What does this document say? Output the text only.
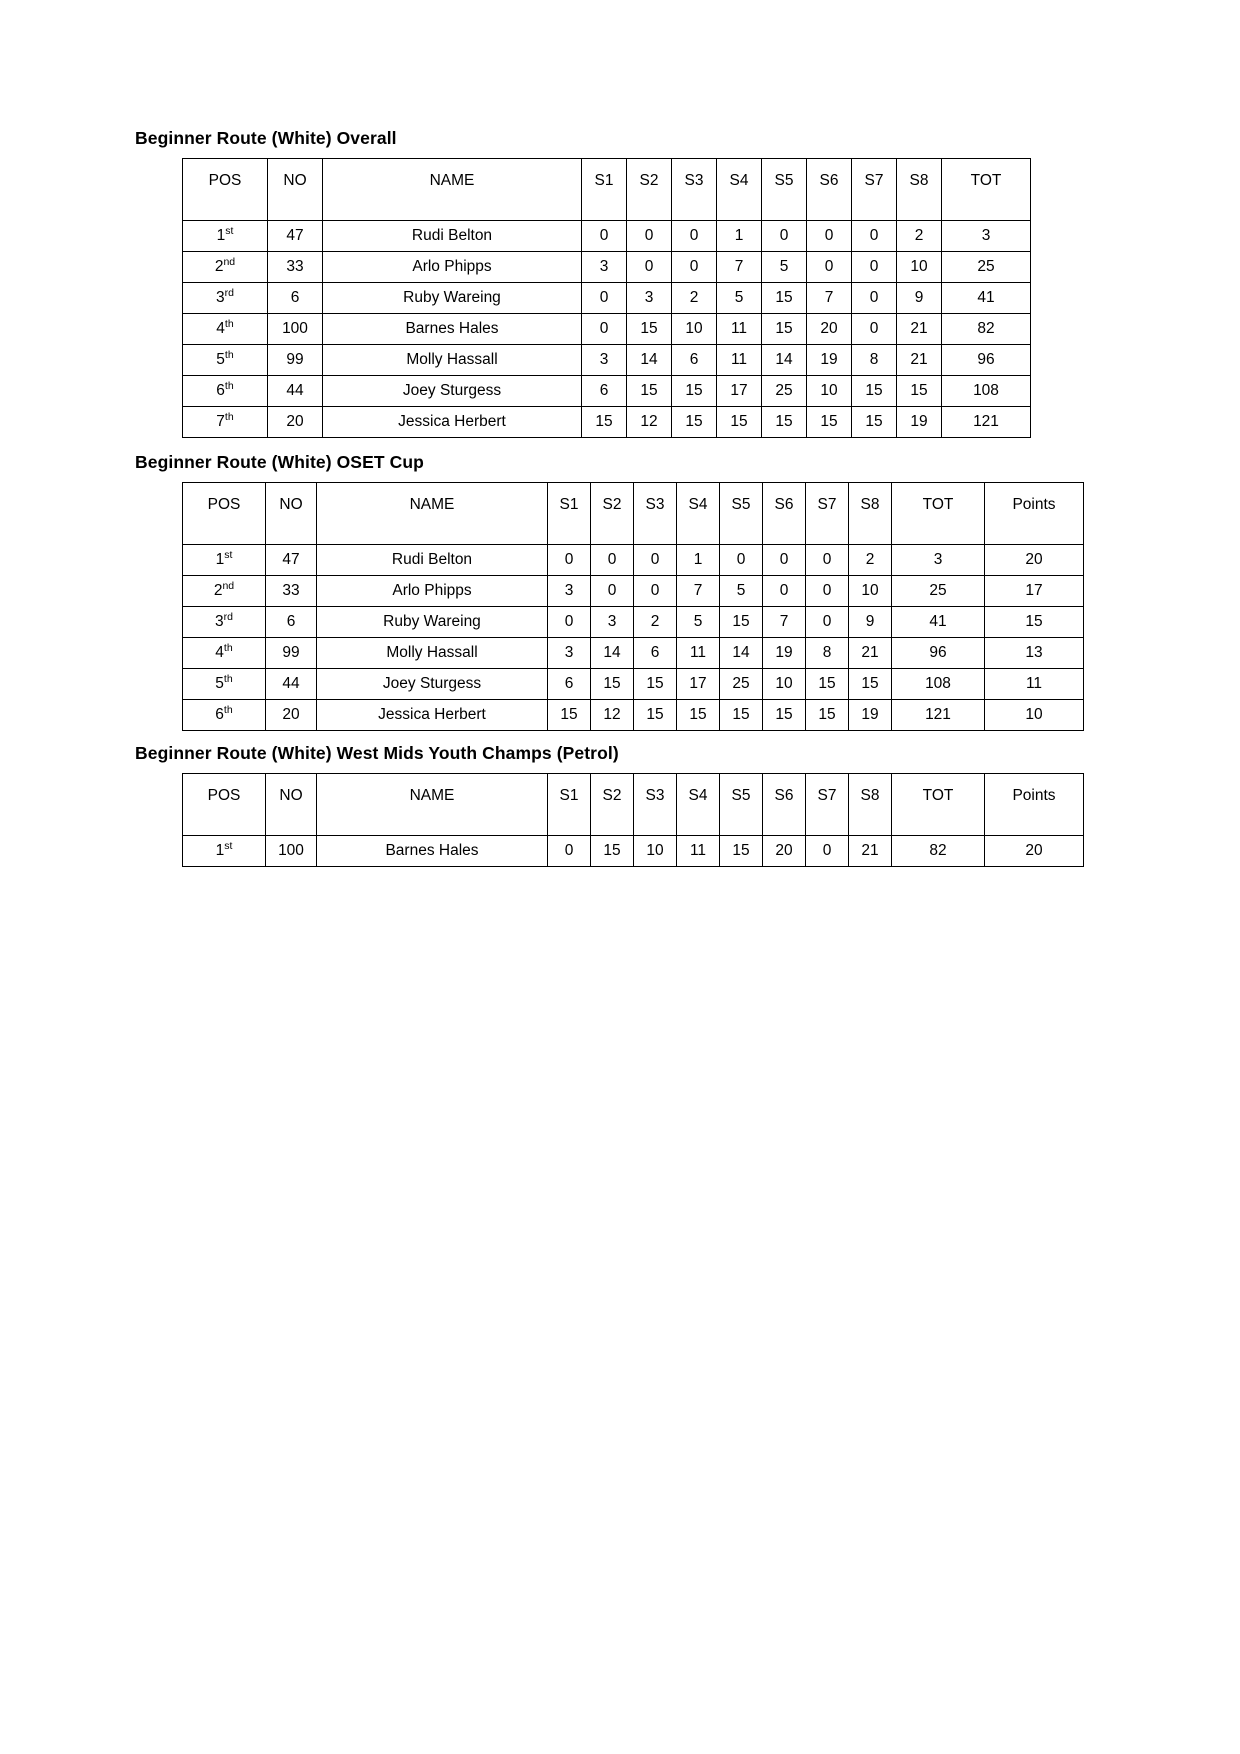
Beginner Route (White) Overall
POS	NO	NAME	S1	S2	S3	S4	S5	S6	S7	S8	TOT
1st	47	Rudi Belton	0	0	0	1	0	0	0	2	3
2nd	33	Arlo Phipps	3	0	0	7	5	0	0	10	25
3rd	6	Ruby Wareing	0	3	2	5	15	7	0	9	41
4th	100	Barnes Hales	0	15	10	11	15	20	0	21	82
5th	99	Molly Hassall	3	14	6	11	14	19	8	21	96
6th	44	Joey Sturgess	6	15	15	17	25	10	15	15	108
7th	20	Jessica Herbert	15	12	15	15	15	15	15	19	121
Beginner Route (White) OSET Cup
POS	NO	NAME	S1	S2	S3	S4	S5	S6	S7	S8	TOT	Points
1st	47	Rudi Belton	0	0	0	1	0	0	0	2	3	20
2nd	33	Arlo Phipps	3	0	0	7	5	0	0	10	25	17
3rd	6	Ruby Wareing	0	3	2	5	15	7	0	9	41	15
4th	99	Molly Hassall	3	14	6	11	14	19	8	21	96	13
5th	44	Joey Sturgess	6	15	15	17	25	10	15	15	108	11
6th	20	Jessica Herbert	15	12	15	15	15	15	15	19	121	10
Beginner Route (White) West Mids Youth Champs (Petrol)
POS	NO	NAME	S1	S2	S3	S4	S5	S6	S7	S8	TOT	Points
1st	100	Barnes Hales	0	15	10	11	15	20	0	21	82	20
